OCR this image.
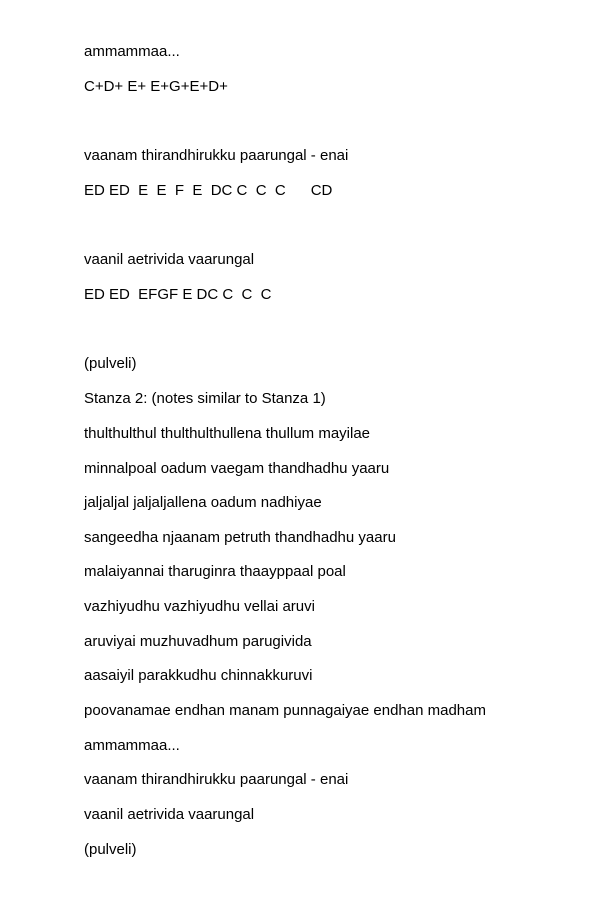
ammammaa...
C+D+ E+ E+G+E+D+
vaanam thirandhirukku paarungal - enai
ED ED  E  E  F  E  DC C  C  C      CD
vaanil aetrivida vaarungal
ED ED  EFGF E DC C  C  C
(pulveli)
Stanza 2: (notes similar to Stanza 1)
thulthulthul thulthulthullena thullum mayilae
minnalpoal oadum vaegam thandhadhu yaaru
jaljaljal jaljaljallena oadum nadhiyae
sangeedha njaanam petruth thandhadhu yaaru
malaiyannai tharuginra thaayppaal poal
vazhiyudhu vazhiyudhu vellai aruvi
aruviyai muzhuvadhum parugivida
aasaiyil parakkudhu chinnakkuruvi
poovanamae endhan manam punnagaiyae endhan madham
ammammaa...
vaanam thirandhirukku paarungal - enai
vaanil aetrivida vaarungal
(pulveli)
